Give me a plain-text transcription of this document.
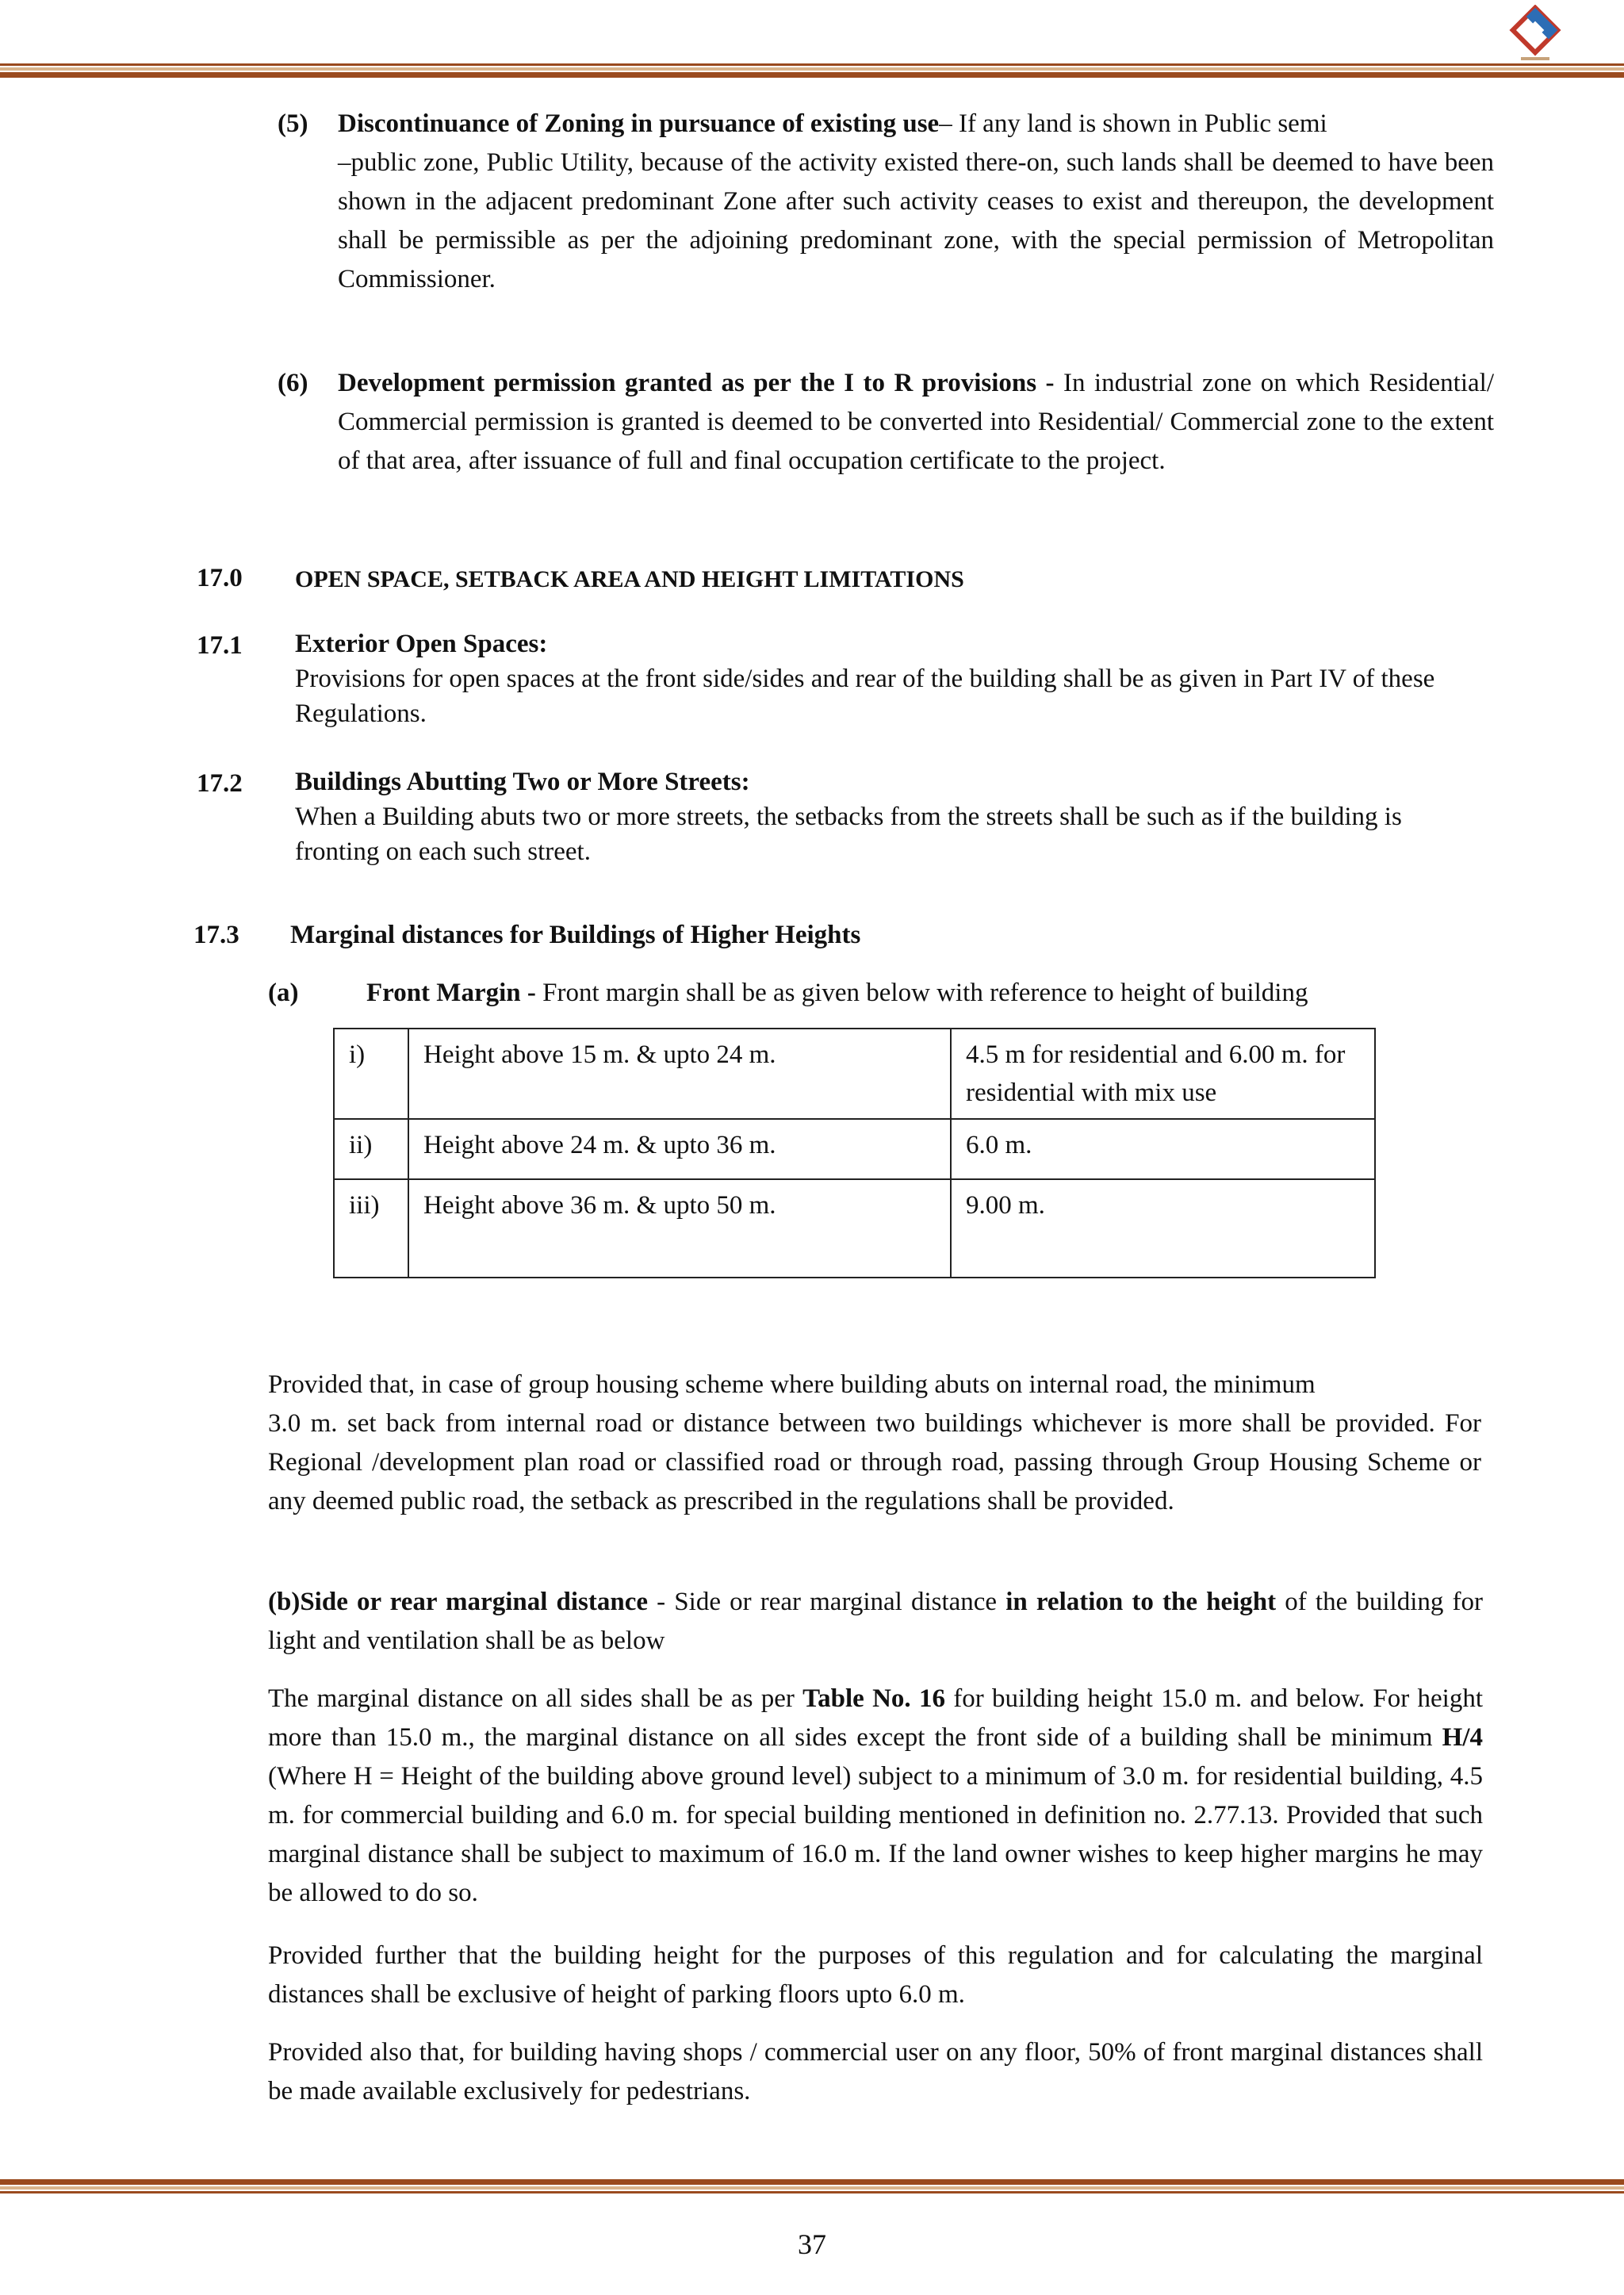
(5) Discontinuance of Zoning in pursuance of existing use– If any land is shown in Public semi
–public zone, Public Utility, because of the activity existed there-on, such lands shall be deemed to have been shown in the adjacent predominant Zone after such activity ceases to exist and thereupon, the development shall be permissible as per the adjoining predominant zone, with the special permission of Metropolitan Commissioner.
(6) Development permission granted as per the I to R provisions - In industrial zone on which Residential/ Commercial permission is granted is deemed to be converted into Residential/ Commercial zone to the extent of that area, after issuance of full and final occupation certificate to the project.
17.0 OPEN SPACE, SETBACK AREA AND HEIGHT LIMITATIONS
17.1 Exterior Open Spaces:
Provisions for open spaces at the front side/sides and rear of the building shall be as given in Part IV of these Regulations.
17.2 Buildings Abutting Two or More Streets:
When a Building abuts two or more streets, the setbacks from the streets shall be such as if the building is fronting on each such street.
17.3 Marginal distances for Buildings of Higher Heights
(a)	Front Margin - Front margin shall be as given below with reference to height of building
i)	Height above 15 m. & upto 24 m.	4.5 m for residential and 6.00 m. for residential with mix use
ii)	Height above 24 m. & upto 36 m.	6.0 m.
iii)	Height above 36 m. & upto 50 m.	9.00 m.
Provided that, in case of group housing scheme where building abuts on internal road, the minimum
3.0 m. set back from internal road or distance between two buildings whichever is more shall be provided. For Regional /development plan road or classified road or through road, passing through Group Housing Scheme or any deemed public road, the setback as prescribed in the regulations shall be provided.
(b)Side or rear marginal distance - Side or rear marginal distance in relation to the height of the building for light and ventilation shall be as below
The marginal distance on all sides shall be as per Table No. 16 for building height 15.0 m. and below. For height more than 15.0 m., the marginal distance on all sides except the front side of a building shall be minimum H/4 (Where H = Height of the building above ground level) subject to a minimum of 3.0 m. for residential building, 4.5 m. for commercial building and 6.0 m. for special building mentioned in definition no. 2.77.13. Provided that such marginal distance shall be subject to maximum of 16.0 m. If the land owner wishes to keep higher margins he may be allowed to do so.
Provided further that the building height for the purposes of this regulation and for calculating the marginal distances shall be exclusive of height of parking floors upto 6.0 m.
Provided also that, for building having shops / commercial user on any floor, 50% of front marginal distances shall be made available exclusively for pedestrians.
37
